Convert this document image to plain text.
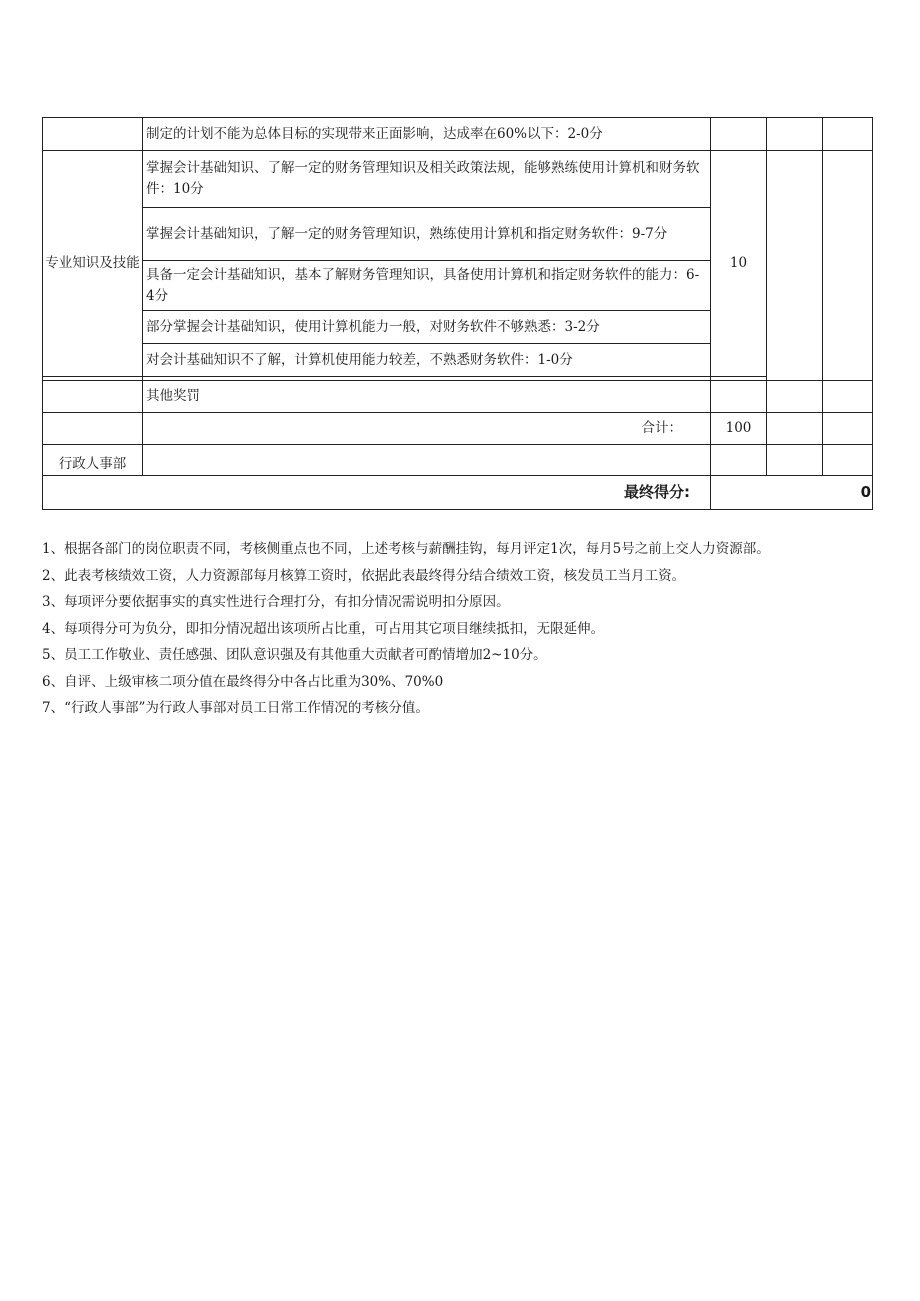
	制定的计划不能为总体目标的实现带来正面影响，达成率在60%以下：2-0分			
专业知识及技能	掌握会计基础知识、了解一定的财务管理知识及相关政策法规，能够熟练使用计算机和财务软件：10分	10		
	掌握会计基础知识，了解一定的财务管理知识，熟练使用计算机和指定财务软件：9-7分			
	具备一定会计基础知识，基本了解财务管理知识，具备使用计算机和指定财务软件的能力：6-4分			
	部分掌握会计基础知识，使用计算机能力一般，对财务软件不够熟悉：3-2分			
	对会计基础知识不了解，计算机使用能力较差，不熟悉财务软件：1-0分			

	其他奖罚			
	合计：	100		
行政人事部				
最终得分:		0		

1、根据各部门的岗位职责不同，考核侧重点也不同，上述考核与薪酬挂钩，每月评定1次，每月5号之前上交人力资源部。

2、此表考核绩效工资，人力资源部每月核算工资时，依据此表最终得分结合绩效工资，核发员工当月工资。

3、每项评分要依据事实的真实性进行合理打分，有扣分情况需说明扣分原因。

4、每项得分可为负分，即扣分情况超出该项所占比重，可占用其它项目继续抵扣，无限延伸。

5、员工工作敬业、责任感强、团队意识强及有其他重大贡献者可酌情增加2~10分。

6、自评、上级审核二项分值在最终得分中各占比重为30%、70%0

7、“行政人事部”为行政人事部对员工日常工作情况的考核分值。
